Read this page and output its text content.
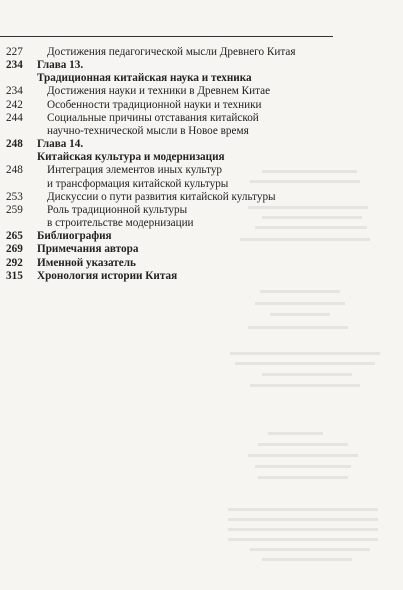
227	Достижения педагогической мысли Древнего Китая
234	Глава 13.
Традиционная китайская наука и техника
234	Достижения науки и техники в Древнем Китае
242	Особенности традиционной науки и техники
244	Социальные причины отставания китайской
научно-технической мысли в Новое время
248	Глава 14.
Китайская культура и модернизация
248	Интеграция элементов иных культур
и трансформация китайской культуры
253	Дискуссии о пути развития китайской культуры
259	Роль традиционной культуры
в строительстве модернизации
265	Библиография
269	Примечания автора
292	Именной указатель
315	Хронология истории Китая
